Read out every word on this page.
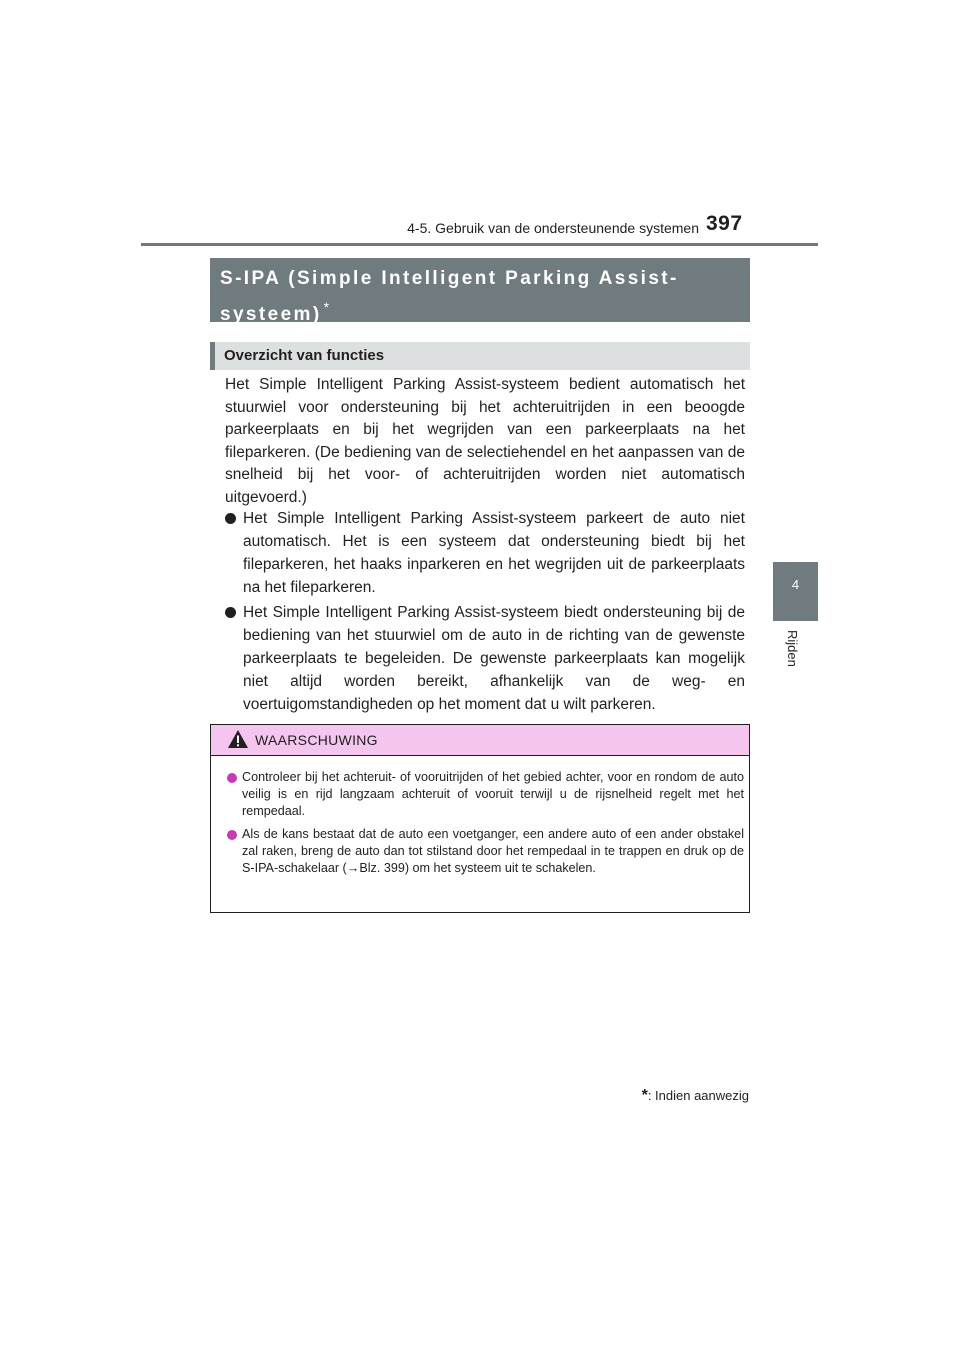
4-5. Gebruik van de ondersteunende systemen 397
S-IPA (Simple Intelligent Parking Assist-systeem) *
Overzicht van functies
Het Simple Intelligent Parking Assist-systeem bedient automatisch het stuurwiel voor ondersteuning bij het achteruitrijden in een beoogde parkeerplaats en bij het wegrijden van een parkeerplaats na het fileparkeren. (De bediening van de selectiehendel en het aanpassen van de snelheid bij het voor- of achteruitrijden worden niet automatisch uitgevoerd.)
Het Simple Intelligent Parking Assist-systeem parkeert de auto niet automatisch. Het is een systeem dat ondersteuning biedt bij het fileparkeren, het haaks inparkeren en het wegrijden uit de parkeerplaats na het fileparkeren.
Het Simple Intelligent Parking Assist-systeem biedt ondersteuning bij de bediening van het stuurwiel om de auto in de richting van de gewenste parkeerplaats te begeleiden. De gewenste parkeerplaats kan mogelijk niet altijd worden bereikt, afhankelijk van de weg- en voertuigomstandigheden op het moment dat u wilt parkeren.
WAARSCHUWING
Controleer bij het achteruit- of vooruitrijden of het gebied achter, voor en rondom de auto veilig is en rijd langzaam achteruit of vooruit terwijl u de rijsnelheid regelt met het rempedaal.
Als de kans bestaat dat de auto een voetganger, een andere auto of een ander obstakel zal raken, breng de auto dan tot stilstand door het rempedaal in te trappen en druk op de S-IPA-schakelaar (→Blz. 399) om het systeem uit te schakelen.
*: Indien aanwezig
4
Rijden
